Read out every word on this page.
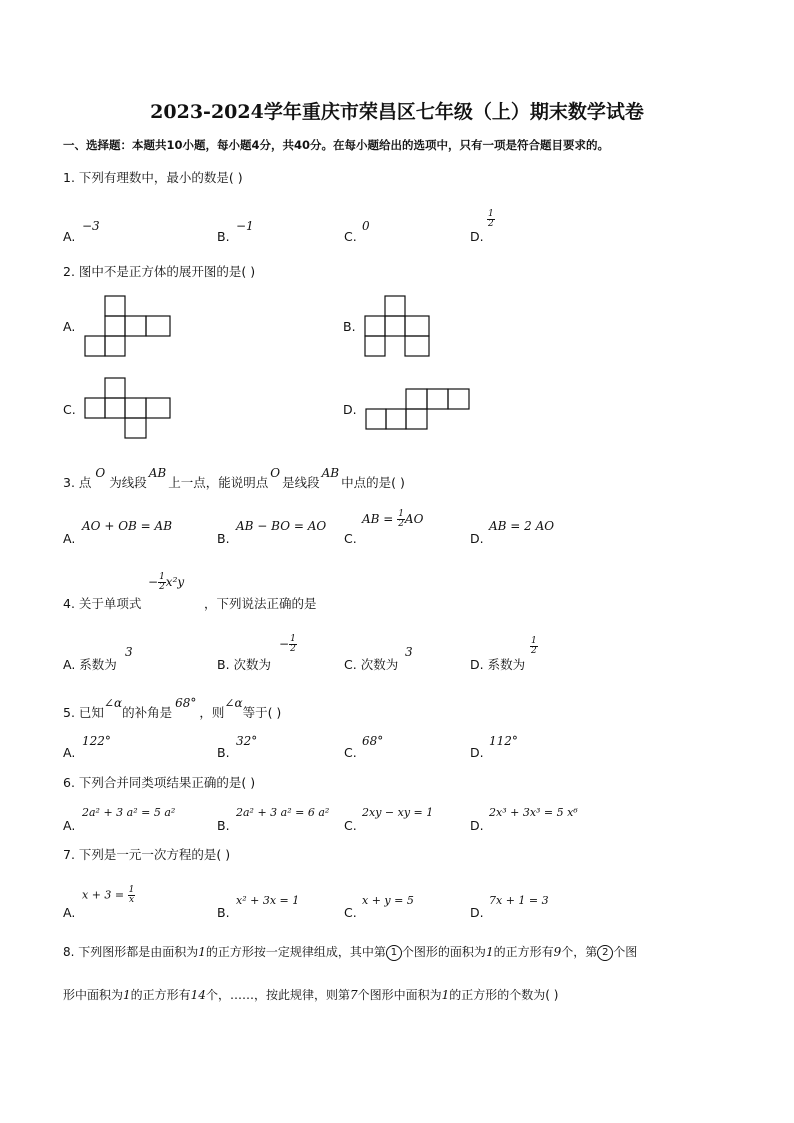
2023-2024学年重庆市荣昌区七年级（上）期末数学试卷
一、选择题：本题共10小题，每小题4分，共40分。在每小题给出的选项中，只有一项是符合题目要求的。
1. 下列有理数中，最小的数是( )
A.
−3
B.
−1
C.
0
D.
$\frac{1}{2}$
2. 图中不是正方体的展开图的是( )
A.	B.
C.	D.
3. 点O为线段AB上一点，能说明点O是线段AB中点的是( )
A.
AO + OB = AB
B.
AB − BO = AO
C.
AB = $\frac{1}{2}$ AO
D.
AB = 2 AO
4. 关于单项式
− $\frac{1}{2} x^2y$
，下列说法正确的是
A. 系数为
3
B. 次数为
− $\frac{1}{2}$
C. 次数为
3
D. 系数为
$\frac{1}{2}$
5. 已知∠α的补角是68°，则∠α等于( )
A.
122°
B.
32°
C.
68°
D.
112°
6. 下列合并同类项结果正确的是( )
A.
2a² + 3 a² = 5 a²
B.
2a² + 3 a² = 6 a²
C.
2xy − xy = 1
D.
2x³ + 3x³ = 5 x⁶
7. 下列是一元一次方程的是( )
A.
$x + 3 = \frac{1}{x}$
B.
x² + 3x = 1
C.
x + y = 5
D.
7x + 1 = 3
8. 下列图形都是由面积为1的正方形按一定规律组成，其中第 1 个图形的面积为1的正方形有9个，第 2 个图
形中面积为1的正方形有14个，……，按此规律，则第7个图形中面积为1的正方形的个数为( )
